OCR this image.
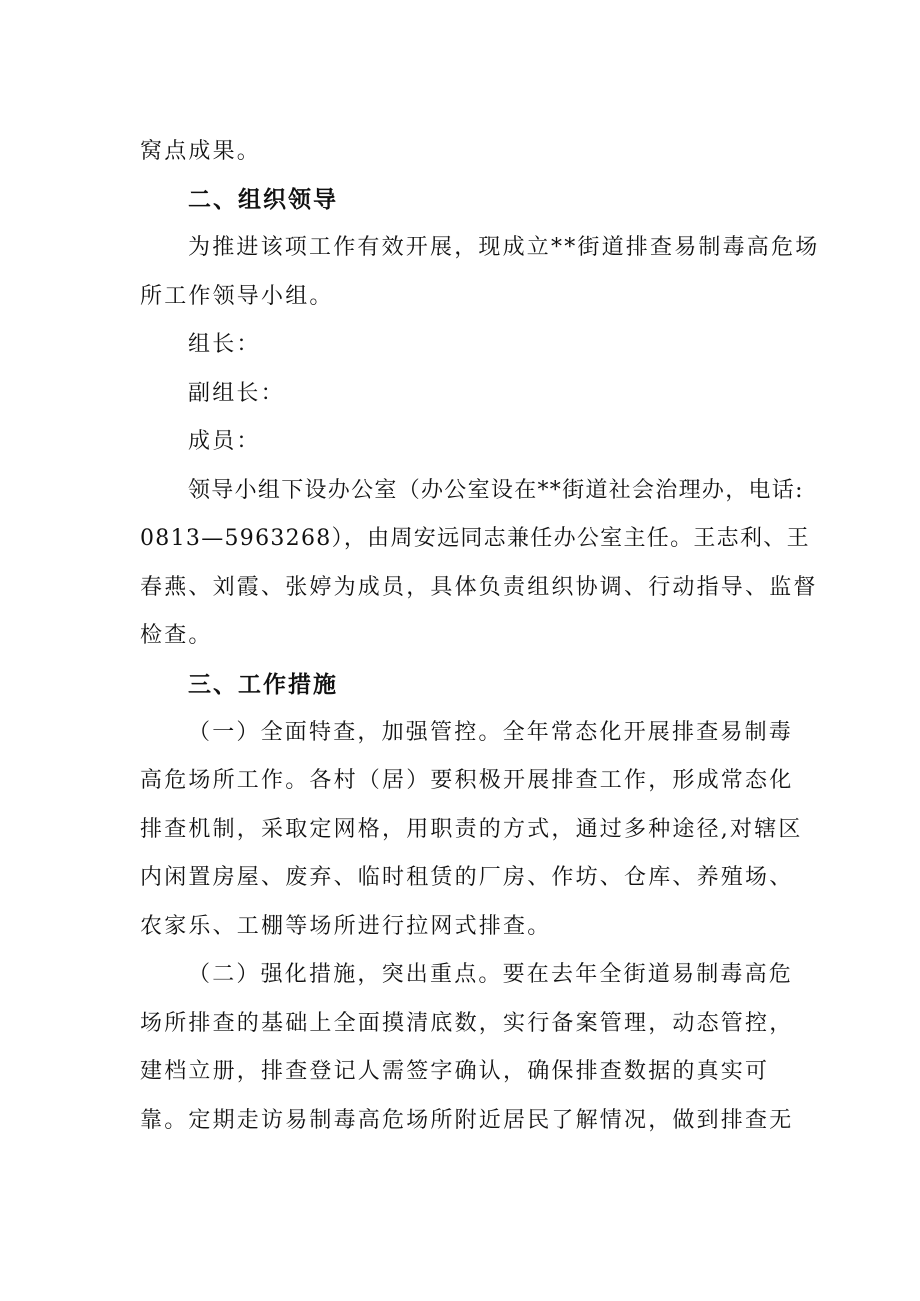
窝点成果。
二、组织领导
为推进该项工作有效开展，现成立**街道排查易制毒高危场
所工作领导小组。
组长：
副组长：
成员：
领导小组下设办公室（办公室设在**街道社会治理办，电话:
0813—5963268），由周安远同志兼任办公室主任。王志利、王
春燕、刘霞、张婷为成员，具体负责组织协调、行动指导、监督
检查。
三、工作措施
（一）全面特查，加强管控。全年常态化开展排查易制毒
高危场所工作。各村（居）要积极开展排查工作，形成常态化
排查机制，采取定网格，用职责的方式，通过多种途径,对辖区
内闲置房屋、废弃、临时租赁的厂房、作坊、仓库、养殖场、
农家乐、工棚等场所进行拉网式排查。
（二）强化措施，突出重点。要在去年全街道易制毒高危
场所排查的基础上全面摸清底数，实行备案管理，动态管控，
建档立册，排查登记人需签字确认，确保排查数据的真实可
靠。定期走访易制毒高危场所附近居民了解情况，做到排查无
